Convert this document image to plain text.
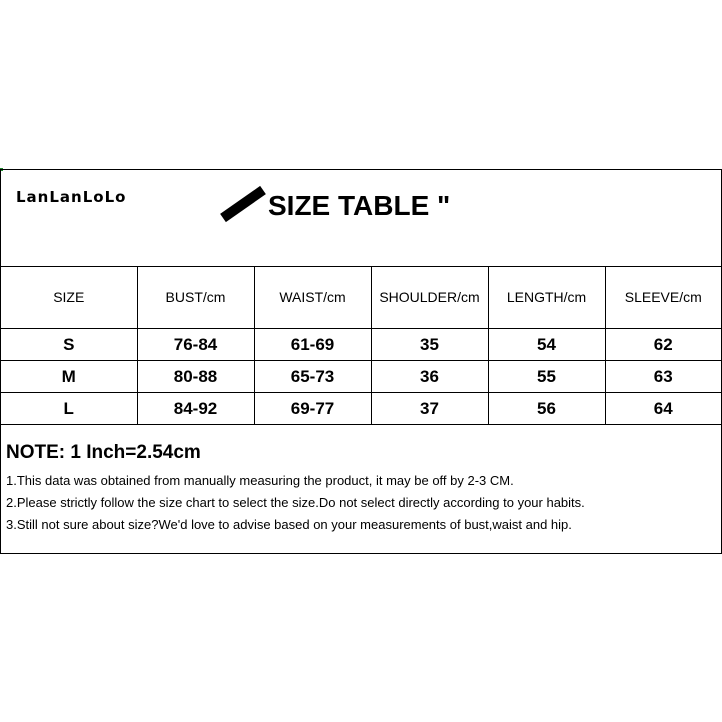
LanLanLoLo	SIZE TABLE "
SIZE	BUST/cm	WAIST/cm	SHOULDER/cm	LENGTH/cm	SLEEVE/cm
S	76-84	61-69	35	54	62
M	80-88	65-73	36	55	63
L	84-92	69-77	37	56	64
NOTE: 1 Inch=2.54cm
1.This data was obtained from manually measuring the product, it may be off by 2-3 CM.
2.Please strictly follow the size chart to select the size.Do not select directly according to your habits.
3.Still not sure about size?We'd love to advise based on your measurements of bust,waist and hip.
